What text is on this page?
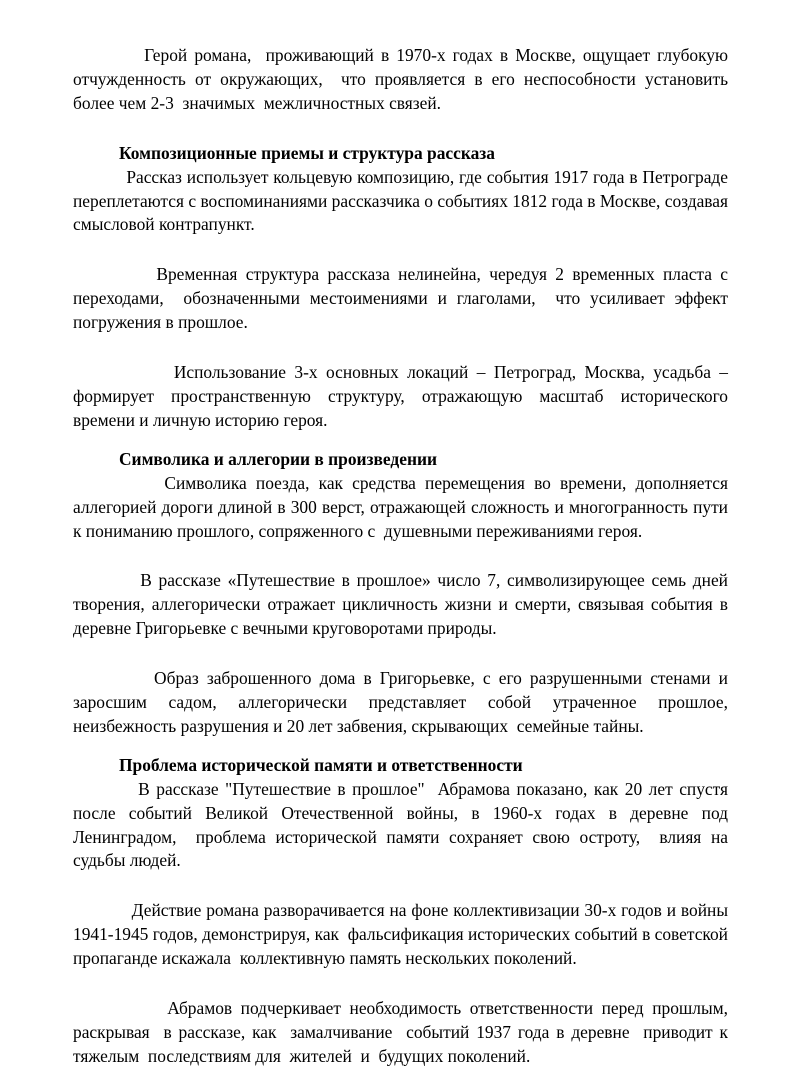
Герой романа,  проживающий в 1970-х годах в Москве, ощущает глубокую отчужденность от окружающих,  что проявляется в его неспособности установить более чем 2-3  значимых  межличностных связей.

Композиционные приемы и структура рассказа

Рассказ использует кольцевую композицию, где события 1917 года в Петрограде переплетаются с воспоминаниями рассказчика о событиях 1812 года в Москве, создавая смысловой контрапункт.

Временная структура рассказа нелинейна, чередуя 2 временных пласта с переходами,  обозначенными местоимениями и глаголами,  что усиливает эффект погружения в прошлое.

Использование 3-х основных локаций – Петроград, Москва, усадьба – формирует пространственную структуру, отражающую масштаб исторического времени и личную историю героя.

Символика и аллегории в произведении

Символика поезда, как средства перемещения во времени, дополняется аллегорией дороги длиной в 300 верст, отражающей сложность и многогранность пути к пониманию прошлого, сопряженного с  душевными переживаниями героя.

В рассказе «Путешествие в прошлое» число 7, символизирующее семь дней творения, аллегорически отражает цикличность жизни и смерти, связывая события в деревне Григорьевке с вечными круговоротами природы.

Образ заброшенного дома в Григорьевке, с его разрушенными стенами и заросшим садом, аллегорически представляет собой утраченное прошлое, неизбежность разрушения и 20 лет забвения, скрывающих  семейные тайны.

Проблема исторической памяти и ответственности

В рассказе "Путешествие в прошлое"  Абрамова показано, как 20 лет спустя после событий Великой Отечественной войны, в 1960-х годах в деревне под Ленинградом,  проблема исторической памяти сохраняет свою остроту,  влияя на судьбы людей.

Действие романа разворачивается на фоне коллективизации 30-х годов и войны 1941-1945 годов, демонстрируя, как  фальсификация исторических событий в советской пропаганде искажала  коллективную память нескольких поколений.

Абрамов подчеркивает необходимость ответственности перед прошлым, раскрывая  в рассказе, как  замалчивание  событий 1937 года в деревне  приводит к тяжелым  последствиям для  жителей  и  будущих поколений.
